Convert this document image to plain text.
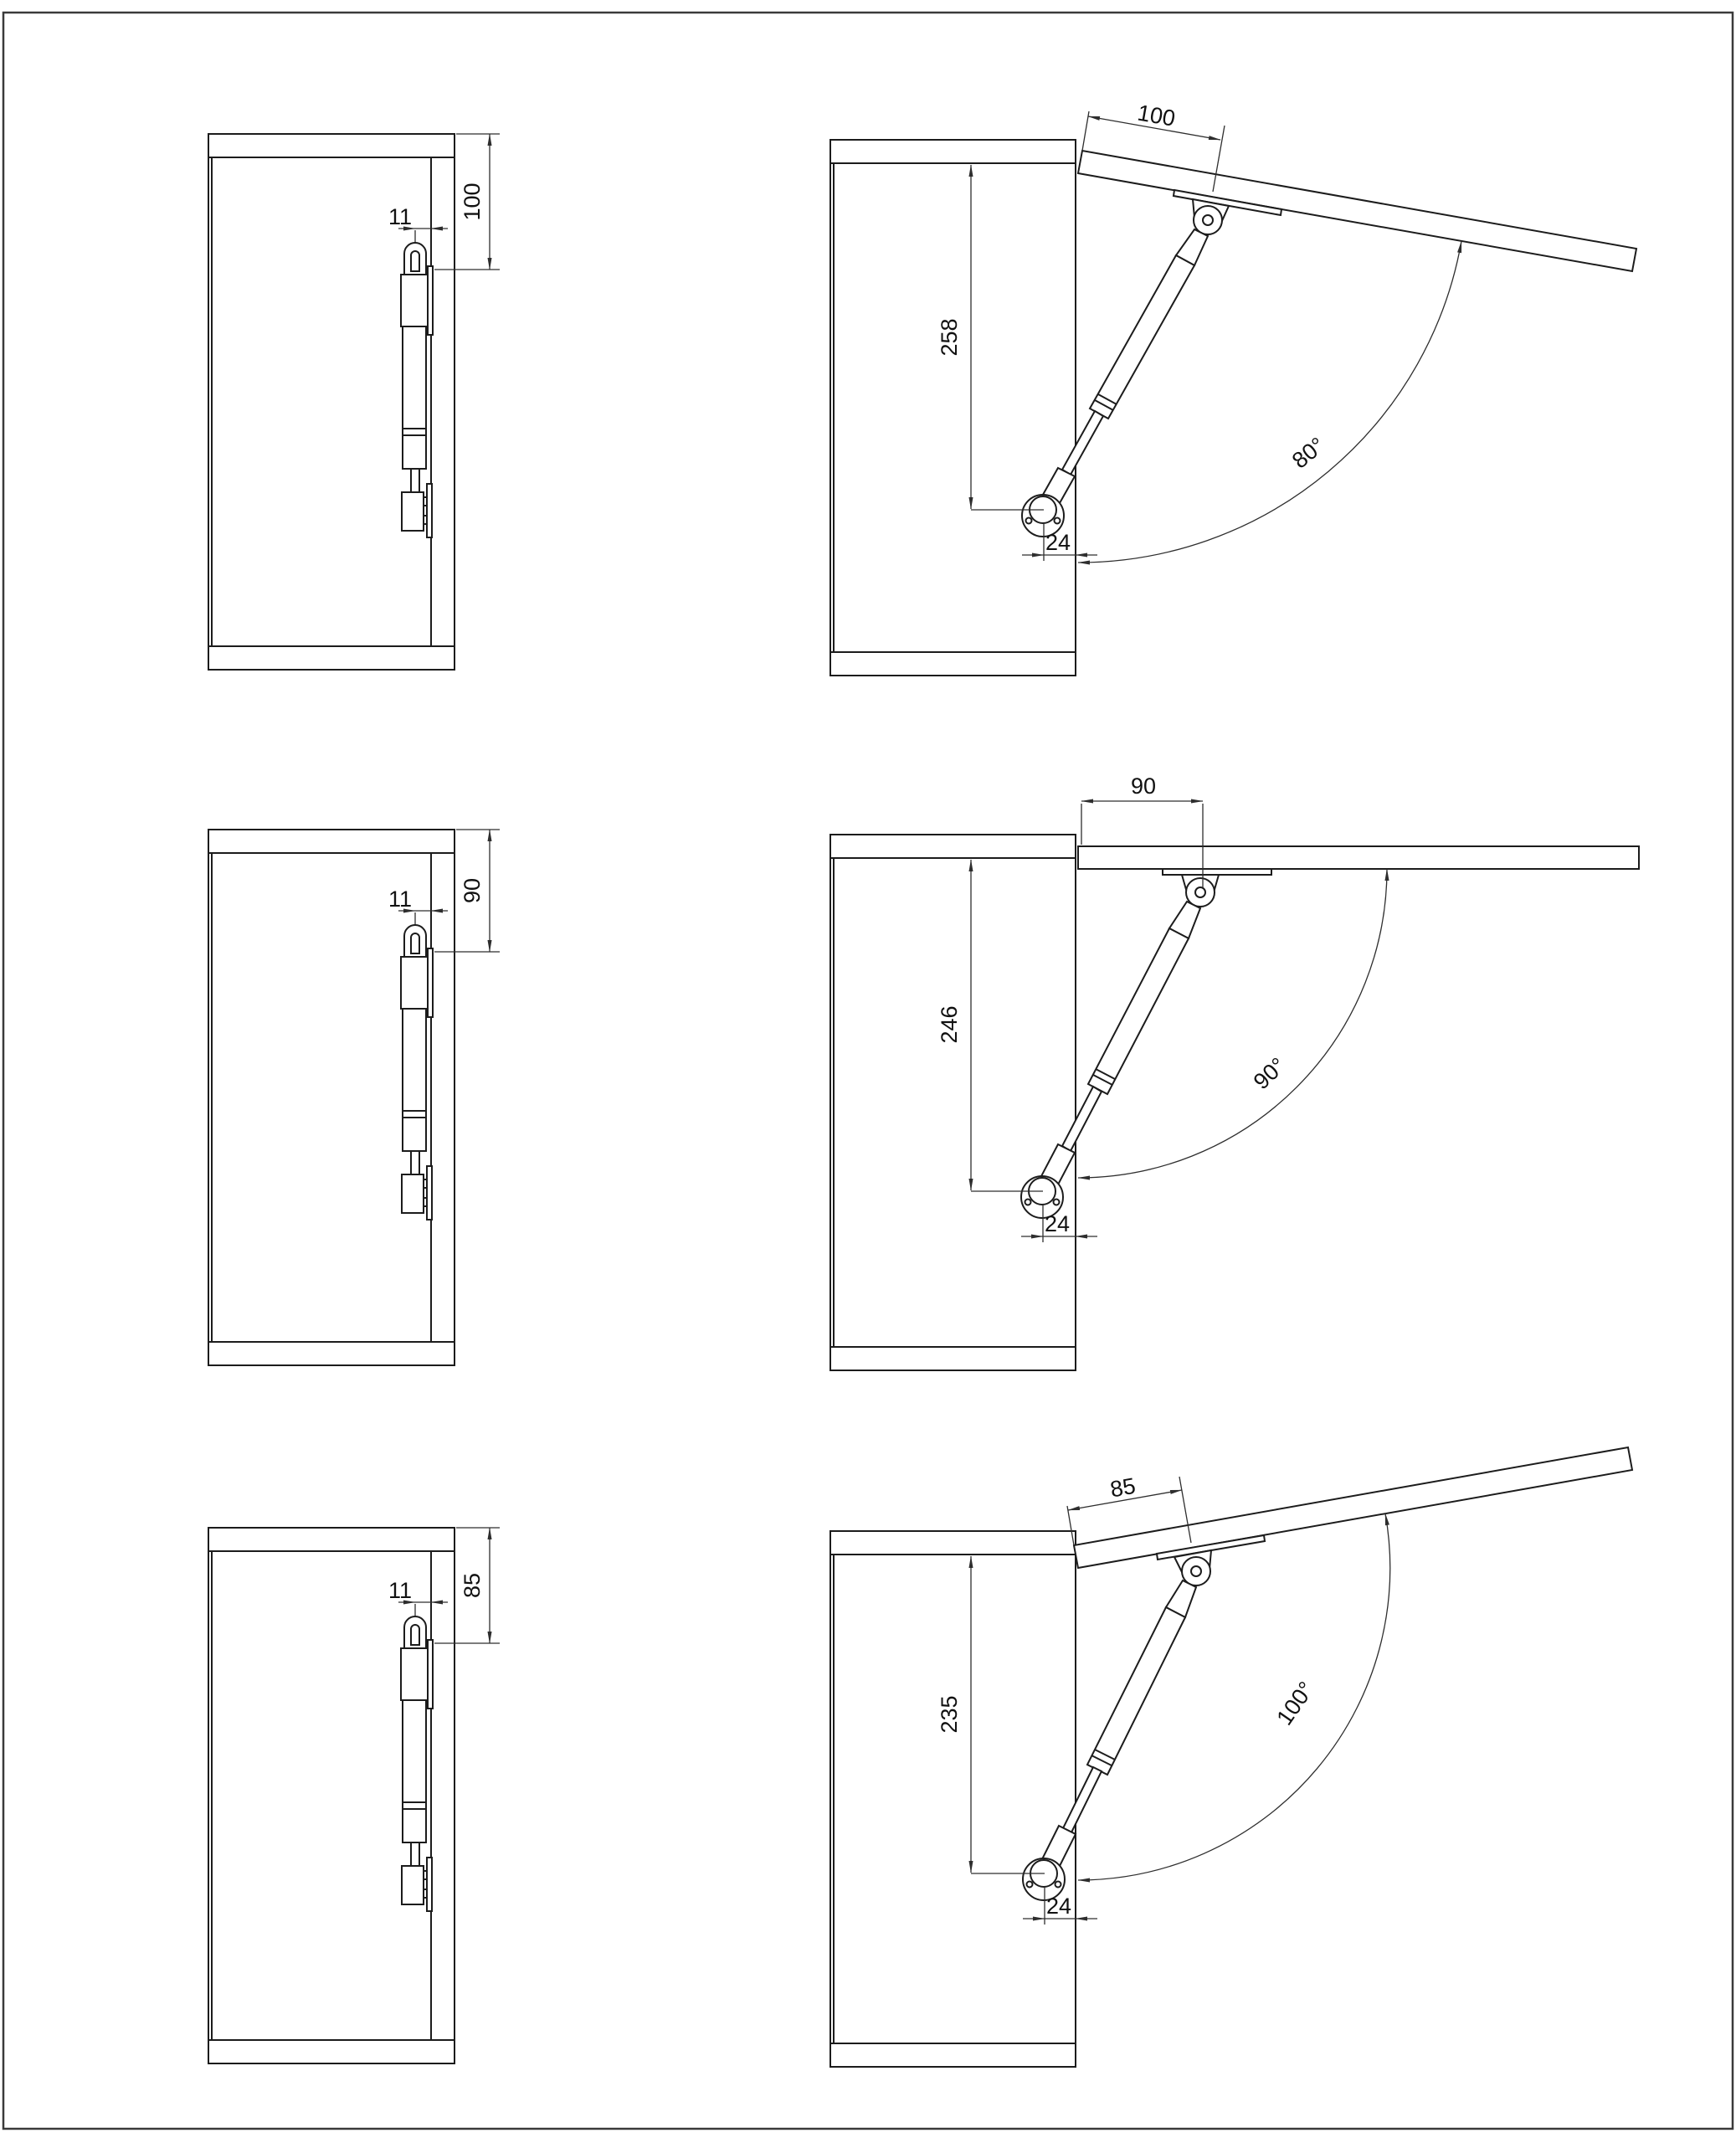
11 100
100
258
24
80°
11 90
90
246
24
90°
11 85
85
235
24
100°
